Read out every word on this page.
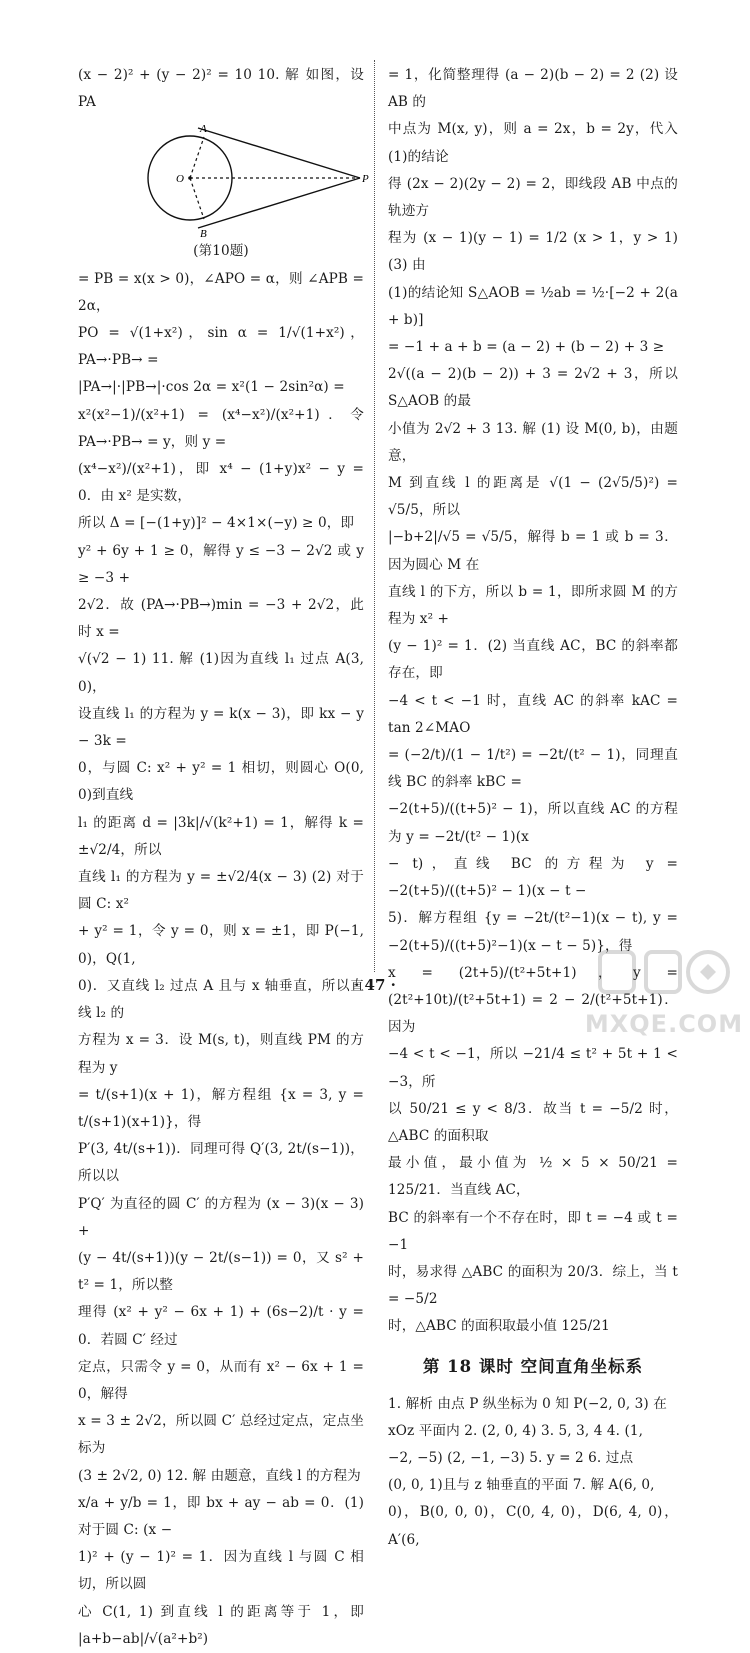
(x − 2)² + (y − 2)² = 10 10. 解 如图，设 PA

A
O	P
B

(第10题)

= PB = x(x > 0)，∠APO = α，则 ∠APB = 2α，

PO = √(1+x²)，sin α = 1/√(1+x²)，PA→·PB→ =

|PA→|·|PB→|·cos 2α = x²(1 − 2sin²α) =

x²(x²−1)/(x²+1) = (x⁴−x²)/(x²+1)．令 PA→·PB→ = y，则 y =

(x⁴−x²)/(x²+1)，即 x⁴ − (1+y)x² − y = 0．由 x² 是实数，

所以 Δ = [−(1+y)]² − 4×1×(−y) ≥ 0，即

y² + 6y + 1 ≥ 0，解得 y ≤ −3 − 2√2 或 y ≥ −3 +

2√2．故 (PA→·PB→)min = −3 + 2√2，此时 x =

√(√2 − 1) 11. 解 (1)因为直线 l₁ 过点 A(3, 0)，

设直线 l₁ 的方程为 y = k(x − 3)，即 kx − y − 3k =

0，与圆 C: x² + y² = 1 相切，则圆心 O(0, 0)到直线

l₁ 的距离 d = |3k|/√(k²+1) = 1，解得 k = ±√2/4，所以

直线 l₁ 的方程为 y = ±√2/4(x − 3) (2) 对于圆 C: x²

+ y² = 1，令 y = 0，则 x = ±1，即 P(−1, 0)，Q(1,

0)．又直线 l₂ 过点 A 且与 x 轴垂直，所以直线 l₂ 的

方程为 x = 3．设 M(s, t)，则直线 PM 的方程为 y

= t/(s+1)(x + 1)，解方程组 {x = 3, y = t/(s+1)(x+1)}，得

P′(3, 4t/(s+1))．同理可得 Q′(3, 2t/(s−1))，所以以

P′Q′ 为直径的圆 C′ 的方程为 (x − 3)(x − 3) +

(y − 4t/(s+1))(y − 2t/(s−1)) = 0，又 s² + t² = 1，所以整

理得 (x² + y² − 6x + 1) + (6s−2)/t · y = 0．若圆 C′ 经过

定点，只需令 y = 0，从而有 x² − 6x + 1 = 0，解得

x = 3 ± 2√2，所以圆 C′ 总经过定点，定点坐标为

(3 ± 2√2, 0) 12. 解 由题意，直线 l 的方程为

x/a + y/b = 1，即 bx + ay − ab = 0．(1) 对于圆 C: (x −

1)² + (y − 1)² = 1．因为直线 l 与圆 C 相切，所以圆

心 C(1, 1) 到直线 l 的距离等于 1，即 |a+b−ab|/√(a²+b²)

= 1，化简整理得 (a − 2)(b − 2) = 2 (2) 设 AB 的

中点为 M(x, y)，则 a = 2x，b = 2y，代入(1)的结论

得 (2x − 2)(2y − 2) = 2，即线段 AB 中点的轨迹方

程为 (x − 1)(y − 1) = 1/2 (x > 1，y > 1) (3) 由

(1)的结论知 S△AOB = ½ab = ½·[−2 + 2(a + b)]

= −1 + a + b = (a − 2) + (b − 2) + 3 ≥

2√((a − 2)(b − 2)) + 3 = 2√2 + 3，所以 S△AOB 的最

小值为 2√2 + 3 13. 解 (1) 设 M(0, b)，由题意，

M 到直线 l 的距离是 √(1 − (2√5/5)²) = √5/5，所以

|−b+2|/√5 = √5/5，解得 b = 1 或 b = 3．因为圆心 M 在

直线 l 的下方，所以 b = 1，即所求圆 M 的方程为 x² +

(y − 1)² = 1．(2) 当直线 AC，BC 的斜率都存在，即

−4 < t < −1 时，直线 AC 的斜率 kAC = tan 2∠MAO

= (−2/t)/(1 − 1/t²) = −2t/(t² − 1)，同理直线 BC 的斜率 kBC =

−2(t+5)/((t+5)² − 1)，所以直线 AC 的方程为 y = −2t/(t² − 1)(x

− t)，直线 BC 的方程为 y = −2(t+5)/((t+5)² − 1)(x − t −

5)．解方程组 {y = −2t/(t²−1)(x − t), y = −2(t+5)/((t+5)²−1)(x − t − 5)}，得

x = (2t+5)/(t²+5t+1)，y = (2t²+10t)/(t²+5t+1) = 2 − 2/(t²+5t+1)．因为

−4 < t < −1，所以 −21/4 ≤ t² + 5t + 1 < −3，所

以 50/21 ≤ y < 8/3．故当 t = −5/2 时，△ABC 的面积取

最小值，最小值为 ½ × 5 × 50/21 = 125/21．当直线 AC，

BC 的斜率有一个不存在时，即 t = −4 或 t = −1

时，易求得 △ABC 的面积为 20/3．综上，当 t = −5/2

时，△ABC 的面积取最小值 125/21

第 18 课时 空间直角坐标系

1. 解析 由点 P 纵坐标为 0 知 P(−2, 0, 3) 在

xOz 平面内 2. (2, 0, 4) 3. 5, 3, 4 4. (1,

−2, −5) (2, −1, −3) 5. y = 2 6. 过点

(0, 0, 1)且与 z 轴垂直的平面 7. 解 A(6, 0,

0)，B(0, 0, 0)，C(0, 4, 0)，D(6, 4, 0)，A′(6,

· 47 ·
MXQE.COM
